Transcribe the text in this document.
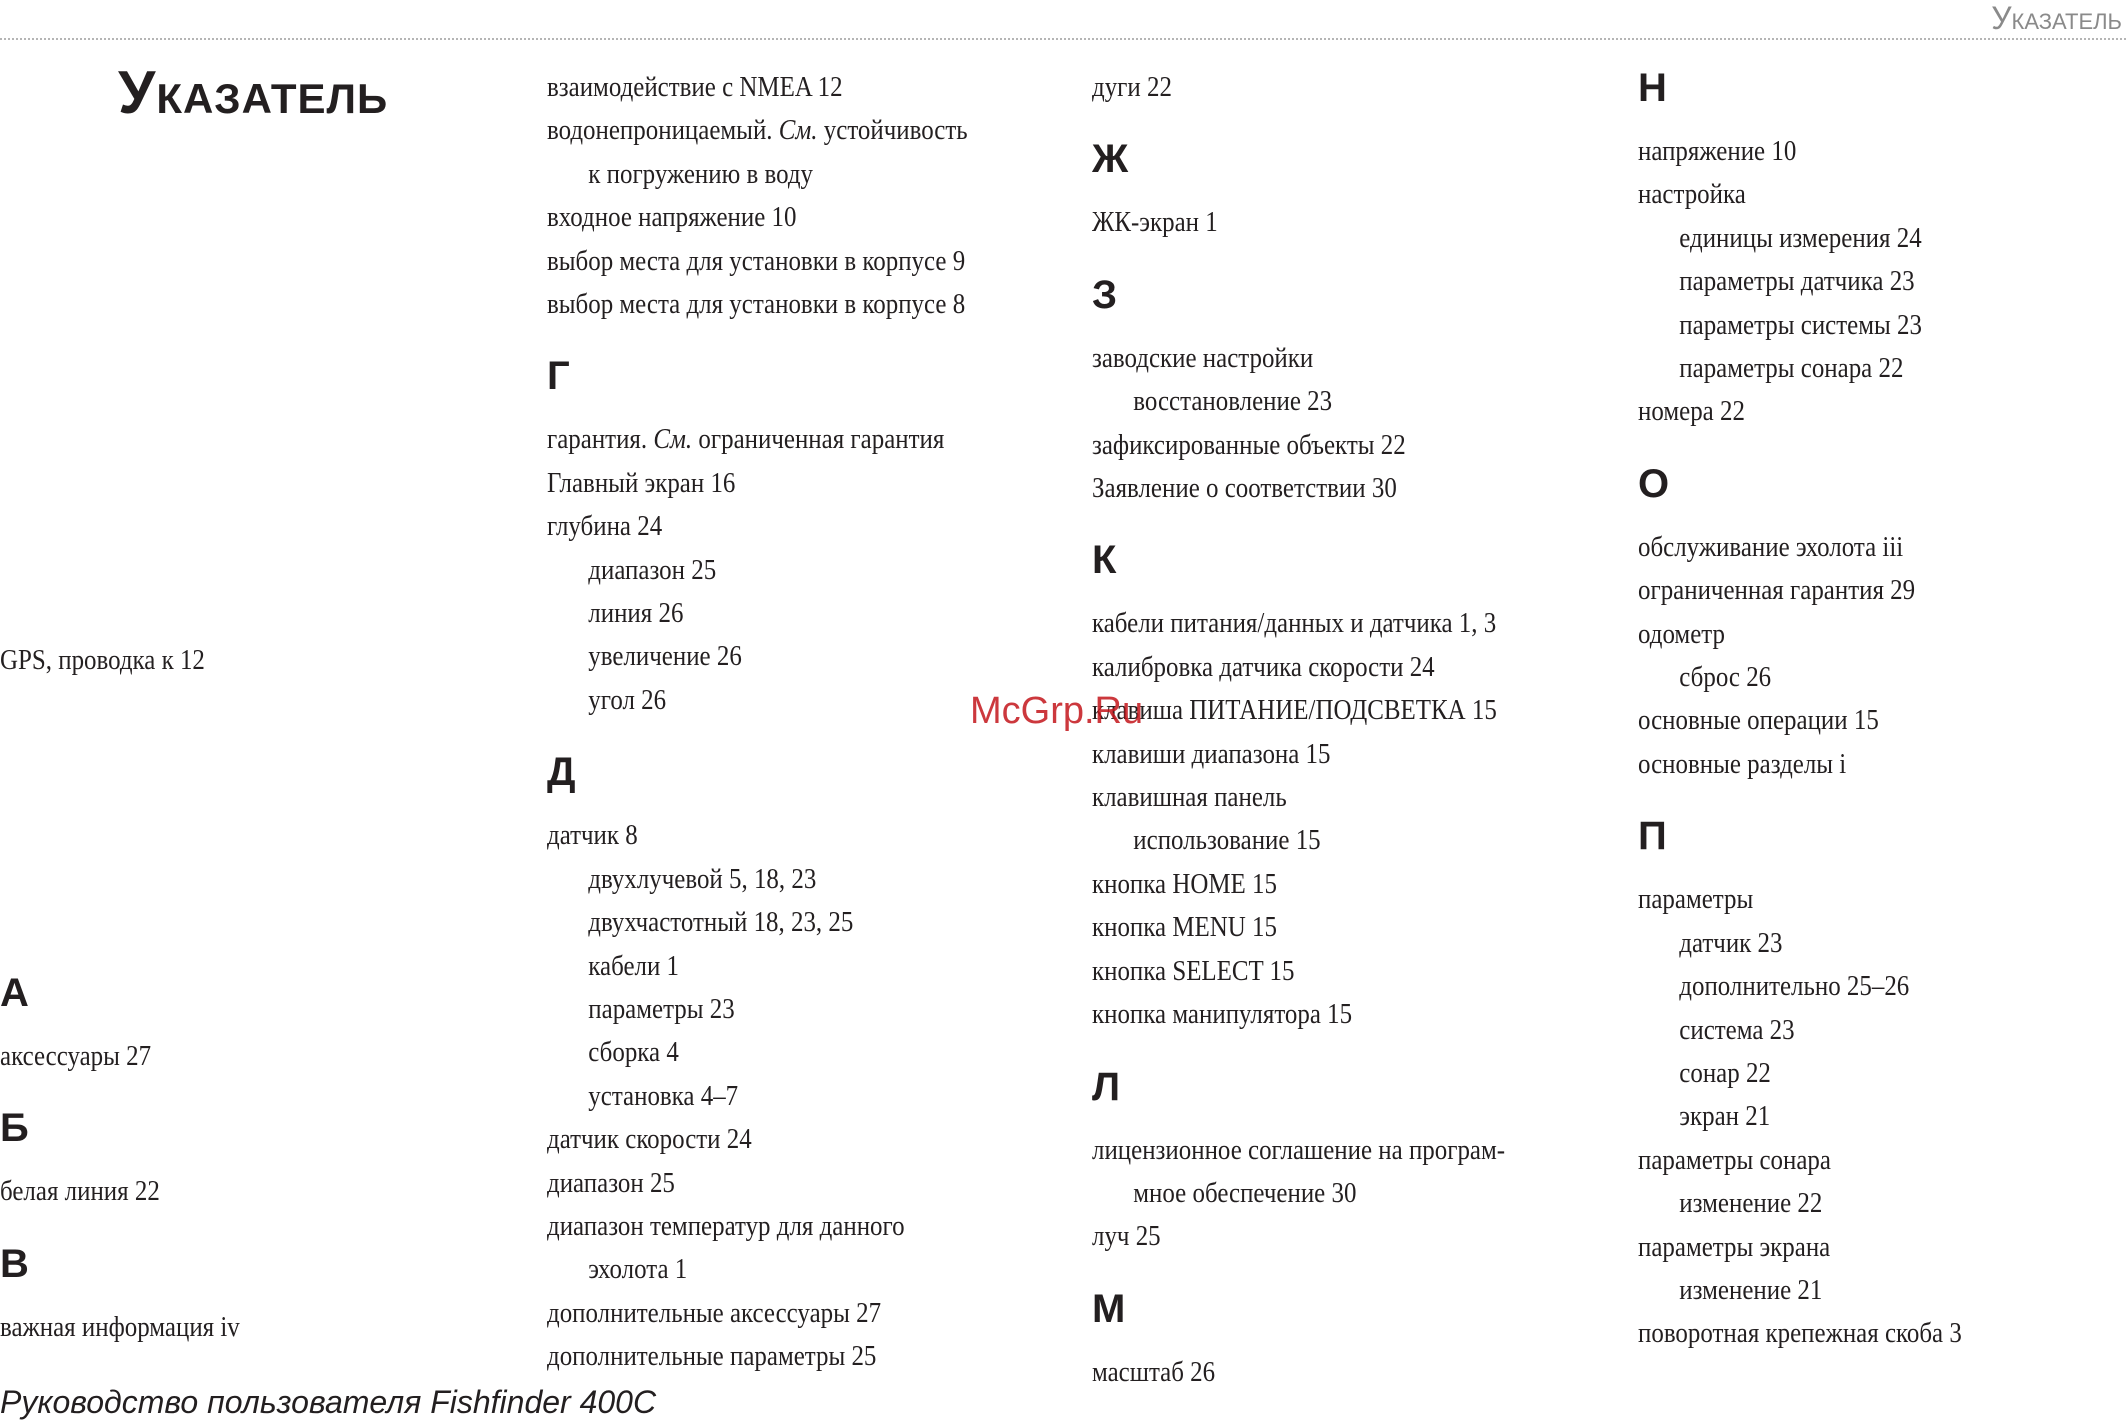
Указатель
Указатель
GPS, проводка к 12
А
аксессуары 27
Б
белая линия 22
В
важная информация iv
взаимодействие с NMEA 12
водонепроницаемый. См. устойчивость
к погружению в воду
входное напряжение 10
выбор места для установки в корпусе 9
выбор места для установки в корпусе 8
Г
гарантия. См. ограниченная гарантия
Главный экран 16
глубина 24
диапазон 25
линия 26
увеличение 26
угол 26
Д
датчик 8
двухлучевой 5, 18, 23
двухчастотный 18, 23, 25
кабели 1
параметры 23
сборка 4
установка 4–7
датчик скорости 24
диапазон 25
диапазон температур для данного
эхолота 1
дополнительные аксессуары 27
дополнительные параметры 25
дуги 22
Ж
ЖК-экран 1
З
заводские настройки
восстановление 23
зафиксированные объекты 22
Заявление о соответствии 30
К
кабели питания/данных и датчика 1, 3
калибровка датчика скорости 24
клавиша ПИТАНИЕ/ПОДСВЕТКА 15
клавиши диапазона 15
клавишная панель
использование 15
кнопка HOME 15
кнопка MENU 15
кнопка SELECT 15
кнопка манипулятора 15
Л
лицензионное соглашение на програм-
мное обеспечение 30
луч 25
М
масштаб 26
Н
напряжение 10
настройка
единицы измерения 24
параметры датчика 23
параметры системы 23
параметры сонара 22
номера 22
О
обслуживание эхолота iii
ограниченная гарантия 29
одометр
сброс 26
основные операции 15
основные разделы i
П
параметры
датчик 23
дополнительно 25–26
система 23
сонар 22
экран 21
параметры сонара
изменение 22
параметры экрана
изменение 21
поворотная крепежная скоба 3
McGrp.Ru
Руководство пользователя Fishfinder 400C
